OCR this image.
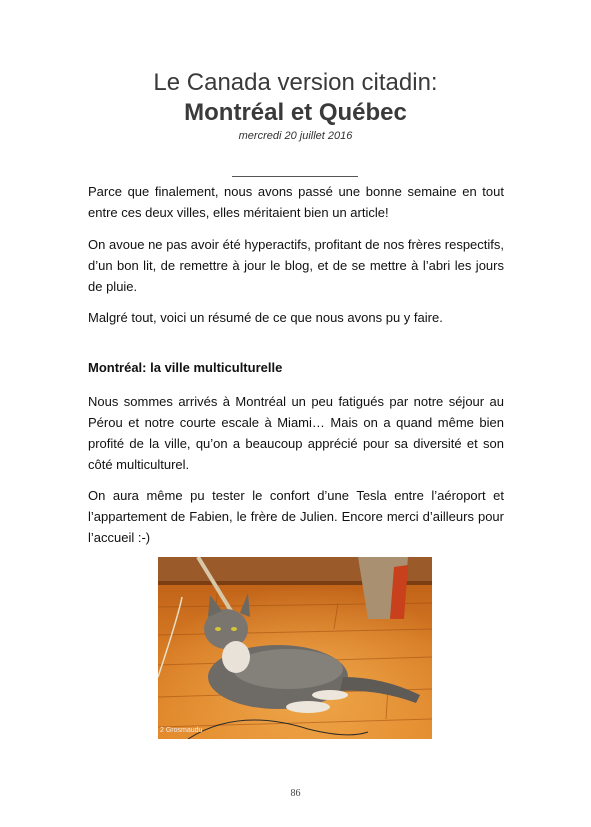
Le Canada version citadin:
Montréal et Québec
mercredi 20 juillet 2016

Parce que finalement, nous avons passé une bonne semaine en tout entre ces deux villes, elles méritaient bien un article!

On avoue ne pas avoir été hyperactifs, profitant de nos frères respectifs, d’un bon lit, de remettre à jour le blog, et de se mettre à l’abri les jours de pluie.

Malgré tout, voici un résumé de ce que nous avons pu y faire.

Montréal: la ville multiculturelle

Nous sommes arrivés à Montréal un peu fatigués par notre séjour au Pérou et notre courte escale à Miami… Mais on a quand même bien profité de la ville, qu’on a beaucoup apprécié pour sa diversité et son côté multiculturel.

On aura même pu tester le confort d’une Tesla entre l’aéroport et l’appartement de Fabien, le frère de Julien. Encore merci d’ailleurs pour l’accueil :-)

2 Grosmaudu
86
